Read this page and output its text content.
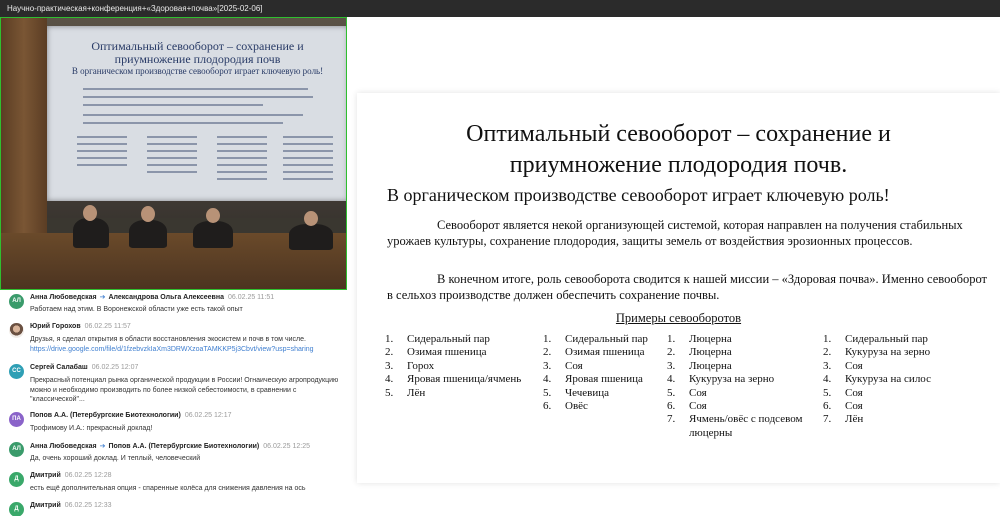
Научно-практическая+конференция+«Здоровая+почва»[2025-02-06]
Оптимальный севооборот – сохранение и
приумножение плодородия почв
В органическом производстве севооборот играет ключевую роль!
АЛ	Анна Любоведская ➔ Александрова Ольга Алексеевна 06.02.25 11:51
Работаем над этим. В Воронежской области уже есть такой опыт
Юрий Горохов 06.02.25 11:57
Друзья, я сделал открытия в области восстановления экосистем и почв в том числе.
https://drive.google.com/file/d/1fzebvzkIaXm3DRWXzoaTAMKKP5j3Cbvt/view?usp=sharing
СС	Сергей Салабаш 06.02.25 12:07
Прекрасный потенциал рынка органической продукции в России! Огнаическую агропродукцию можно и необходимо производить по более низкой себестоимости, в сравнении с "классической"...
ПА	Попов А.А. (Петербургские Биотехнологии) 06.02.25 12:17
Трофимову И.А.: прекрасный доклад!
АЛ	Анна Любоведская ➔ Попов А.А. (Петербургские Биотехнологии) 06.02.25 12:25
Да, очень хороший доклад. И теплый, человеческий
Д	Дмитрий 06.02.25 12:28
есть ещё дополнительная опция - спаренные колёса для снижения давления на ось
Д	Дмитрий 06.02.25 12:33
Оптимальный севооборот – сохранение и
приумножение плодородия почв.
В органическом производстве севооборот играет ключевую роль!
Севооборот является некой организующей системой, которая направлен на получения стабильных урожаев культуры, сохранение плодородия, защиты земель от воздействия эрозионных процессов.
В конечном итоге, роль севооборота сводится к нашей миссии – «Здоровая почва». Именно севооборот в сельхоз производстве должен обеспечить сохранение почвы.
Примеры севооборотов
1. Сидеральный пар
2. Озимая пшеница
3. Горох
4. Яровая пшеница/ячмень
5. Лён
1. Сидеральный пар
2. Озимая пшеница
3. Соя
4. Яровая пшеница
5. Чечевица
6. Овёс
1. Люцерна
2. Люцерна
3. Люцерна
4. Кукуруза на зерно
5. Соя
6. Соя
7.	Ячмень/овёс с подсевом люцерны
1. Сидеральный пар
2. Кукуруза на зерно
3. Соя
4. Кукуруза на силос
5. Соя
6. Соя
7. Лён
